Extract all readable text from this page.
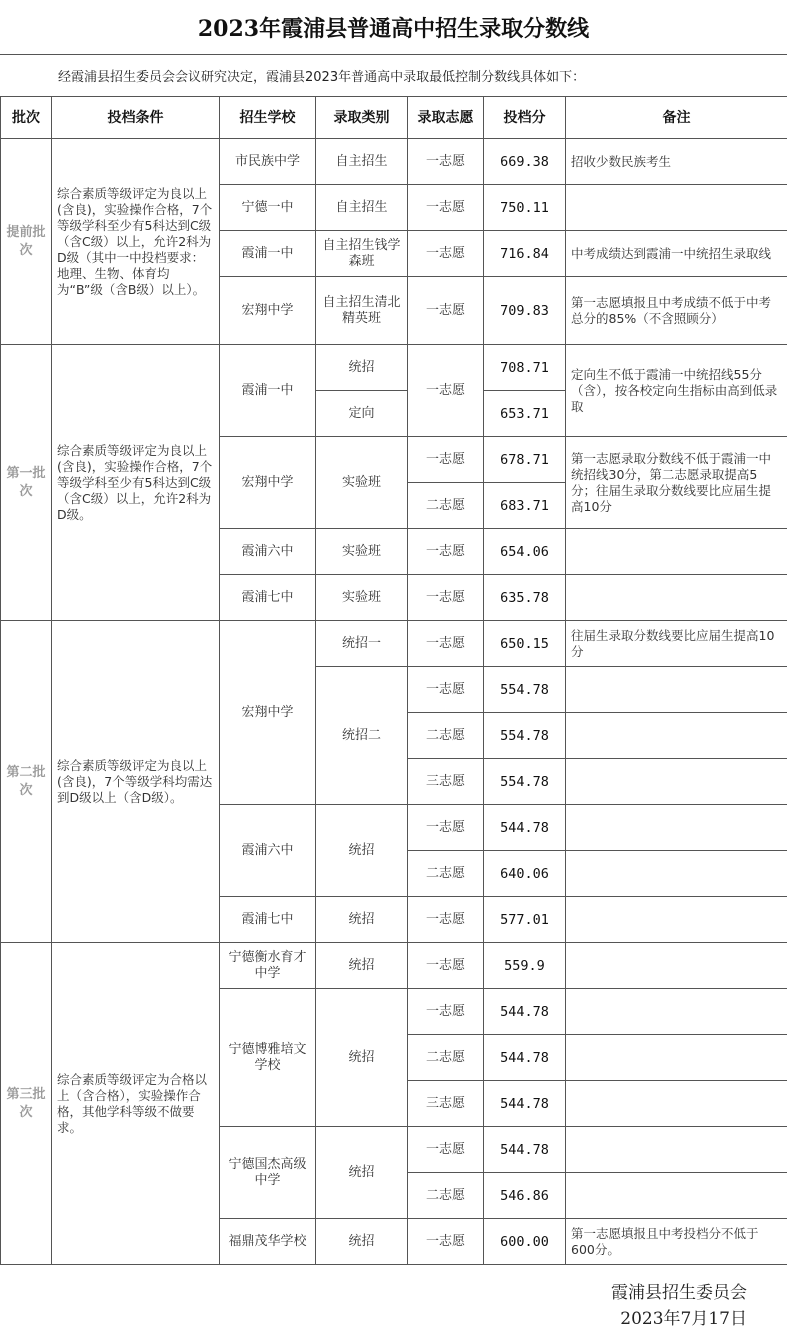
2023年霞浦县普通高中招生录取分数线
经霞浦县招生委员会会议研究决定，霞浦县2023年普通高中录取最低控制分数线具体如下：
批次	投档条件	招生学校	录取类别	录取志愿	投档分	备注
提前批次	综合素质等级评定为良以上(含良)，实验操作合格，7个等级学科至少有5科达到C级（含C级）以上，允许2科为D级（其中一中投档要求：地理、生物、体育均为“B”级（含B级）以上）。	市民族中学	自主招生	一志愿	669.38	招收少数民族考生
		宁德一中	自主招生	一志愿	750.11	
		霞浦一中	自主招生钱学森班	一志愿	716.84	中考成绩达到霞浦一中统招生录取线
		宏翔中学	自主招生清北精英班	一志愿	709.83	第一志愿填报且中考成绩不低于中考总分的85%（不含照顾分）
第一批次	综合素质等级评定为良以上(含良)，实验操作合格，7个等级学科至少有5科达到C级（含C级）以上，允许2科为D级。	霞浦一中	统招	一志愿	708.71	定向生不低于霞浦一中统招线55分（含），按各校定向生指标由高到低录取
			定向		653.71	
		宏翔中学	实验班	一志愿	678.71	第一志愿录取分数线不低于霞浦一中统招线30分，第二志愿录取提高5分；往届生录取分数线要比应届生提高10分
				二志愿	683.71	
		霞浦六中	实验班	一志愿	654.06	
		霞浦七中	实验班	一志愿	635.78	
第二批次	综合素质等级评定为良以上(含良)，7个等级学科均需达到D级以上（含D级）。	宏翔中学	统招一	一志愿	650.15	往届生录取分数线要比应届生提高10分
			统招二	一志愿	554.78	
				二志愿	554.78	
				三志愿	554.78	
		霞浦六中	统招	一志愿	544.78	
				二志愿	640.06	
		霞浦七中	统招	一志愿	577.01	
第三批次	综合素质等级评定为合格以上（含合格），实验操作合格，其他学科等级不做要求。	宁德衡水育才中学	统招	一志愿	559.9	
		宁德博雅培文学校	统招	一志愿	544.78	
				二志愿	544.78	
				三志愿	544.78	
		宁德国杰高级中学	统招	一志愿	544.78	
				二志愿	546.86	
		福鼎茂华学校	统招	一志愿	600.00	第一志愿填报且中考投档分不低于600分。
霞浦县招生委员会
2023年7月17日
